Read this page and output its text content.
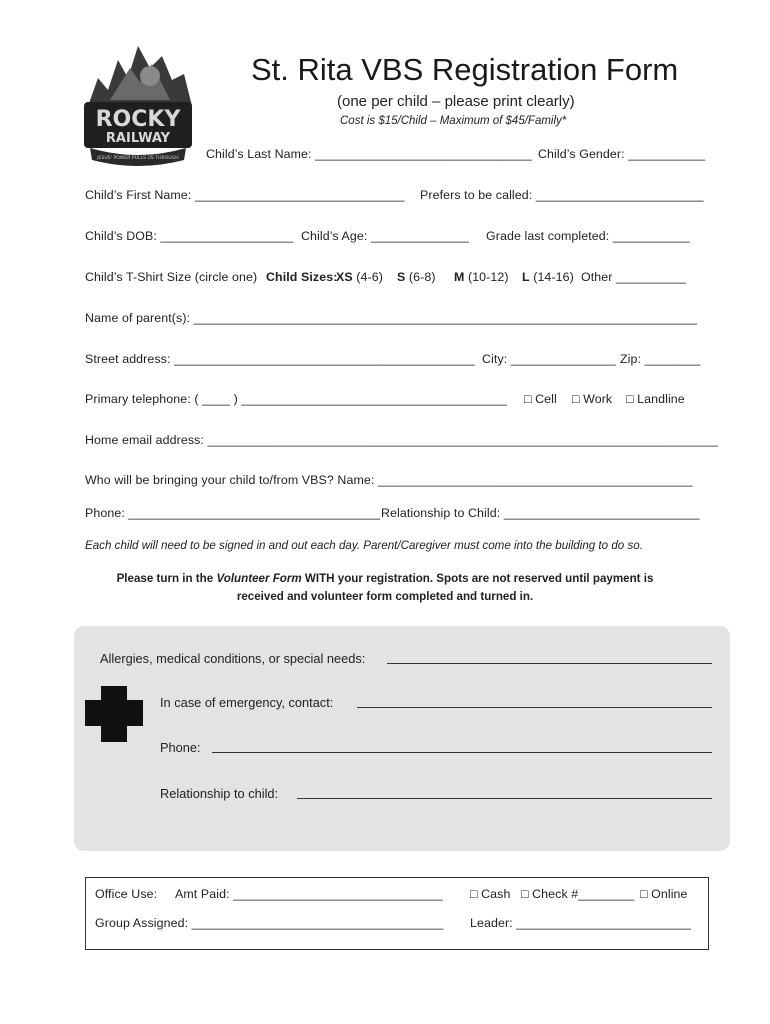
ROCKY
RAILWAY
JESUS' POWER PULLS US THROUGH
St. Rita VBS Registration Form
(one per child – please print clearly)
Cost is $15/Child – Maximum of $45/Family*
Child’s Last Name: _______________________________ Child’s Gender: ___________
Child’s First Name: ______________________________ Prefers to be called: ________________________
Child’s DOB: ___________________ Child’s Age: ______________ Grade last completed: ___________
Child’s T-Shirt Size (circle one) Child Sizes:
XS (4-6) S (6-8) M (10-12) L (14-16) Other __________
Name of parent(s): ________________________________________________________________________
Street address: ___________________________________________ City: _______________ Zip: ________
Primary telephone: ( ____ ) ______________________________________ □ Cell □ Work □ Landline
Home email address: _________________________________________________________________________
Who will be bringing your child to/from VBS? Name: _____________________________________________
Phone: ____________________________________ Relationship to Child: ____________________________
Each child will need to be signed in and out each day. Parent/Caregiver must come into the building to do so.
Please turn in the Volunteer Form WITH your registration. Spots are not reserved until payment is
received and volunteer form completed and turned in.
Allergies, medical conditions, or special needs:
In case of emergency, contact:
Phone:
Relationship to child:
Office Use: Amt Paid: ______________________________ □ Cash □ Check #________ □ Online
Group Assigned: ____________________________________ Leader: _________________________
